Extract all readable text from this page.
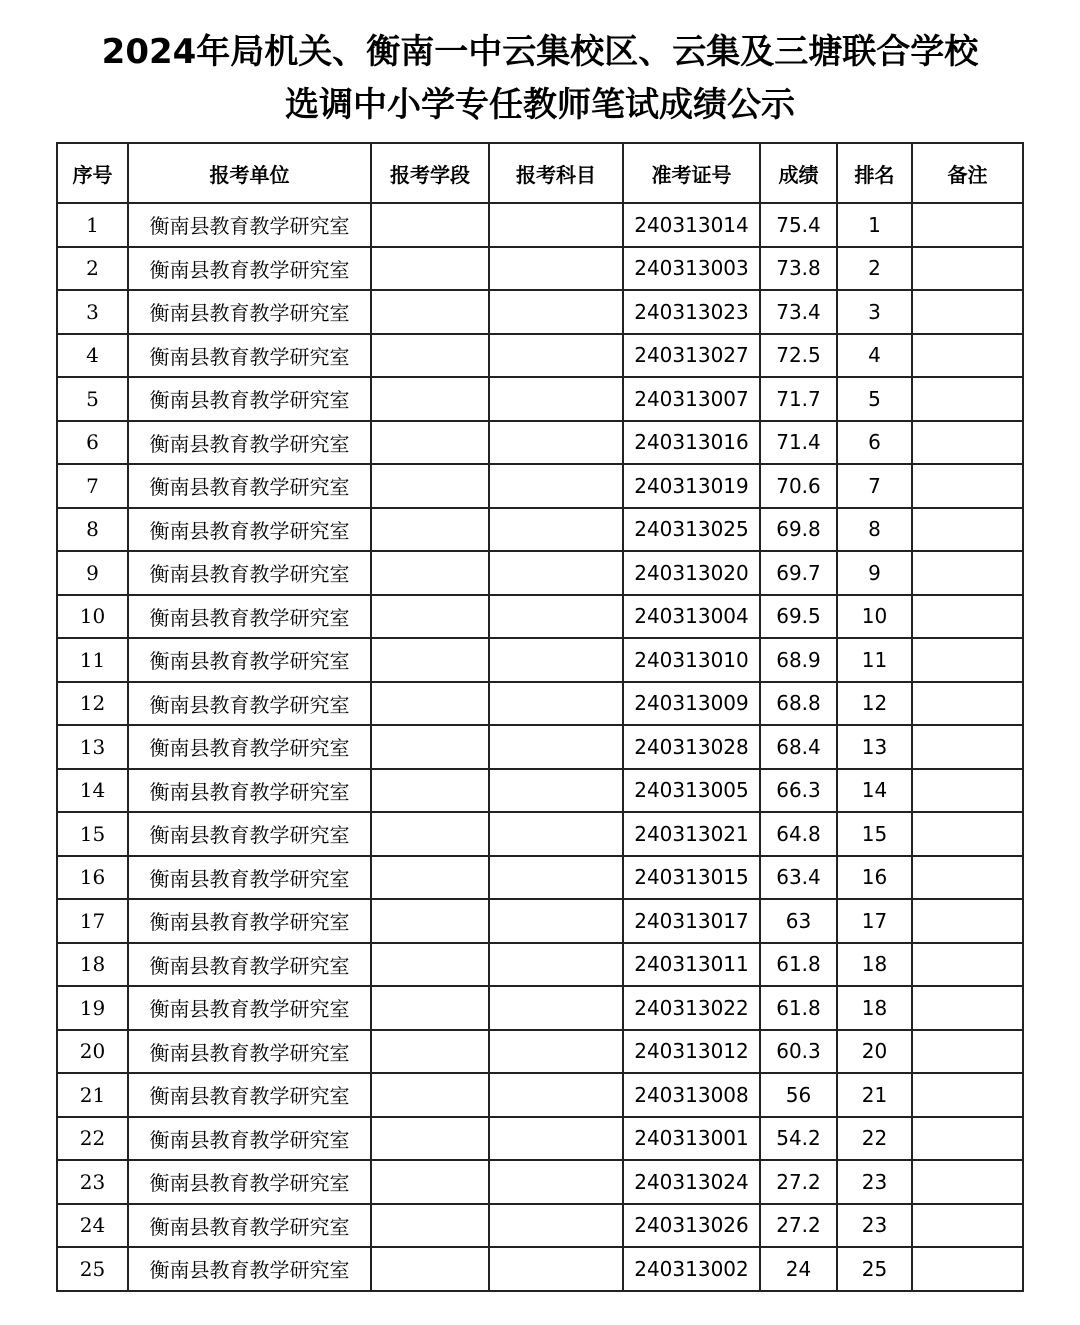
2024年局机关、衡南一中云集校区、云集及三塘联合学校
选调中小学专任教师笔试成绩公示
序号	报考单位	报考学段	报考科目	准考证号	成绩	排名	备注
1	衡南县教育教学研究室			240313014	75.4	1	
2	衡南县教育教学研究室			240313003	73.8	2	
3	衡南县教育教学研究室			240313023	73.4	3	
4	衡南县教育教学研究室			240313027	72.5	4	
5	衡南县教育教学研究室			240313007	71.7	5	
6	衡南县教育教学研究室			240313016	71.4	6	
7	衡南县教育教学研究室			240313019	70.6	7	
8	衡南县教育教学研究室			240313025	69.8	8	
9	衡南县教育教学研究室			240313020	69.7	9	
10	衡南县教育教学研究室			240313004	69.5	10	
11	衡南县教育教学研究室			240313010	68.9	11	
12	衡南县教育教学研究室			240313009	68.8	12	
13	衡南县教育教学研究室			240313028	68.4	13	
14	衡南县教育教学研究室			240313005	66.3	14	
15	衡南县教育教学研究室			240313021	64.8	15	
16	衡南县教育教学研究室			240313015	63.4	16	
17	衡南县教育教学研究室			240313017	63	17	
18	衡南县教育教学研究室			240313011	61.8	18	
19	衡南县教育教学研究室			240313022	61.8	18	
20	衡南县教育教学研究室			240313012	60.3	20	
21	衡南县教育教学研究室			240313008	56	21	
22	衡南县教育教学研究室			240313001	54.2	22	
23	衡南县教育教学研究室			240313024	27.2	23	
24	衡南县教育教学研究室			240313026	27.2	23	
25	衡南县教育教学研究室			240313002	24	25	
